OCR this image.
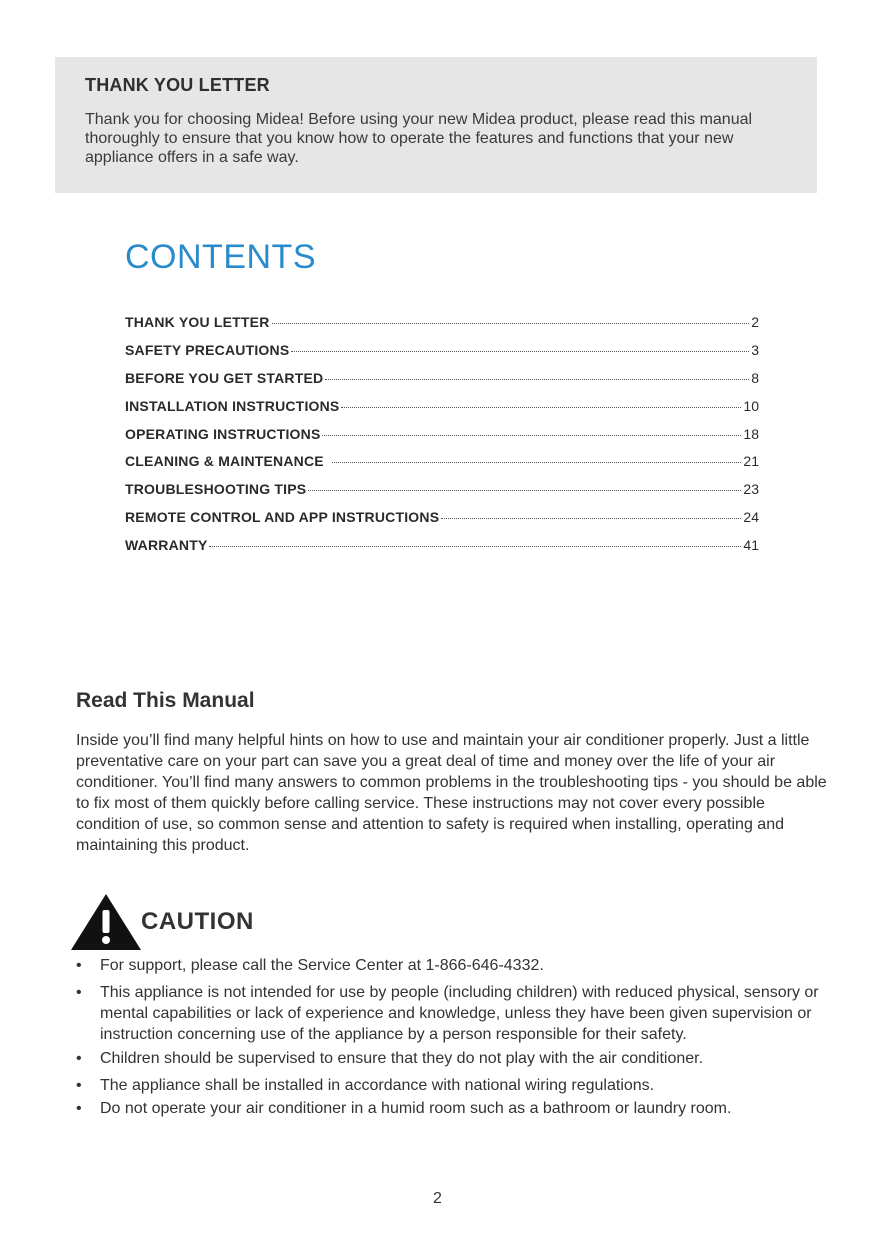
THANK YOU LETTER

Thank you for choosing Midea! Before using your new Midea product, please read this manual thoroughly to ensure that you know how to operate the features and functions that your new appliance offers in a safe way.

CONTENTS
THANK YOU LETTER	2
SAFETY PRECAUTIONS	3
BEFORE YOU GET STARTED	8
INSTALLATION INSTRUCTIONS	10
OPERATING INSTRUCTIONS	18
CLEANING & MAINTENANCE	21
TROUBLESHOOTING TIPS	23
REMOTE CONTROL AND APP INSTRUCTIONS	24
WARRANTY	41
Read This Manual

Inside you’ll find many helpful hints on how to use and maintain your air conditioner properly. Just a little preventative care on your part can save you a great deal of time and money over the life of your air conditioner. You’ll find many answers to common problems in the troubleshooting tips - you should be able to fix most of them quickly before calling service. These instructions may not cover every possible condition of use, so common sense and attention to safety is required when installing, operating and maintaining this product.

CAUTION
• For support, please call the Service Center at 1-866-646-4332.
• This appliance is not intended for use by people (including children) with reduced physical, sensory or mental capabilities or lack of experience and knowledge, unless they have been given supervision or instruction concerning use of the appliance by a person responsible for their safety.
• Children should be supervised to ensure that they do not play with the air conditioner.
• The appliance shall be installed in accordance with national wiring regulations.
• Do not operate your air conditioner in a humid room such as a bathroom or laundry room.

2
